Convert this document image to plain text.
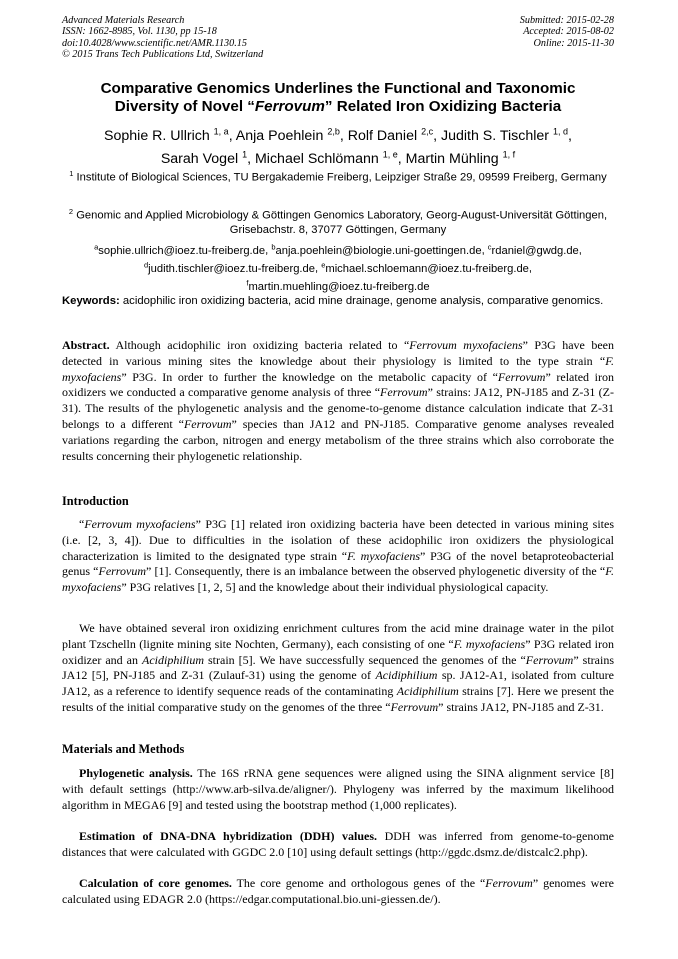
Advanced Materials Research
ISSN: 1662-8985, Vol. 1130, pp 15-18
doi:10.4028/www.scientific.net/AMR.1130.15
© 2015 Trans Tech Publications Ltd, Switzerland
Submitted: 2015-02-28
Accepted: 2015-08-02
Online: 2015-11-30
Comparative Genomics Underlines the Functional and Taxonomic
Diversity of Novel “Ferrovum” Related Iron Oxidizing Bacteria
Sophie R. Ullrich $^{1, a}$, Anja Poehlein $^{2,b}$, Rolf Daniel $^{2,c}$, Judith S. Tischler $^{1, d}$,
Sarah Vogel $^1$, Michael Schlömann $^{1, e}$, Martin Mühling $^{1, f}$
$^1$ Institute of Biological Sciences, TU Bergakademie Freiberg, Leipziger Straße 29, 09599 Freiberg, Germany
$^2$ Genomic and Applied Microbiology & Göttingen Genomics Laboratory, Georg-August-Universität Göttingen, Grisebachstr. 8, 37077 Göttingen, Germany
$^a$sophie.ullrich@ioez.tu-freiberg.de, $^b$anja.poehlein@biologie.uni-goettingen.de, $^c$rdaniel@gwdg.de,
$^d$judith.tischler@ioez.tu-freiberg.de, $^e$michael.schloemann@ioez.tu-freiberg.de,
$^f$martin.muehling@ioez.tu-freiberg.de
Keywords: acidophilic iron oxidizing bacteria, acid mine drainage, genome analysis, comparative genomics.
Abstract. Although acidophilic iron oxidizing bacteria related to “Ferrovum myxofaciens” P3G have been detected in various mining sites the knowledge about their physiology is limited to the type strain “F. myxofaciens” P3G. In order to further the knowledge on the metabolic capacity of “Ferrovum” related iron oxidizers we conducted a comparative genome analysis of three “Ferrovum” strains: JA12, PN-J185 and Z-31 (Z-31). The results of the phylogenetic analysis and the genome-to-genome distance calculation indicate that Z-31 belongs to a different “Ferrovum” species than JA12 and PN-J185. Comparative genome analyses revealed variations regarding the carbon, nitrogen and energy metabolism of the three strains which also corroborate the results concerning their phylogenetic relationship.
Introduction
“Ferrovum myxofaciens” P3G [1] related iron oxidizing bacteria have been detected in various mining sites (i.e. [2, 3, 4]). Due to difficulties in the isolation of these acidophilic iron oxidizers the physiological characterization is limited to the designated type strain “F. myxofaciens” P3G of the novel betaproteobacterial genus “Ferrovum” [1]. Consequently, there is an imbalance between the observed phylogenetic diversity of the “F. myxofaciens” P3G relatives [1, 2, 5] and the knowledge about their individual physiological capacity.
We have obtained several iron oxidizing enrichment cultures from the acid mine drainage water in the pilot plant Tzschelln (lignite mining site Nochten, Germany), each consisting of one “F. myxofaciens” P3G related iron oxidizer and an Acidiphilium strain [5]. We have successfully sequenced the genomes of the “Ferrovum” strains JA12 [5], PN-J185 and Z-31 (Zulauf-31) using the genome of Acidiphilium sp. JA12-A1, isolated from culture JA12, as a reference to identify sequence reads of the contaminating Acidiphilium strains [7]. Here we present the results of the initial comparative study on the genomes of the three “Ferrovum” strains JA12, PN-J185 and Z-31.
Materials and Methods
Phylogenetic analysis. The 16S rRNA gene sequences were aligned using the SINA alignment service [8] with default settings (http://www.arb-silva.de/aligner/). Phylogeny was inferred by the maximum likelihood algorithm in MEGA6 [9] and tested using the bootstrap method (1,000 replicates).
Estimation of DNA-DNA hybridization (DDH) values. DDH was inferred from genome-to-genome distances that were calculated with GGDC 2.0 [10] using default settings (http://ggdc.dsmz.de/distcalc2.php).
Calculation of core genomes. The core genome and orthologous genes of the “Ferrovum” genomes were calculated using EDAGR 2.0 (https://edgar.computational.bio.uni-giessen.de/).
